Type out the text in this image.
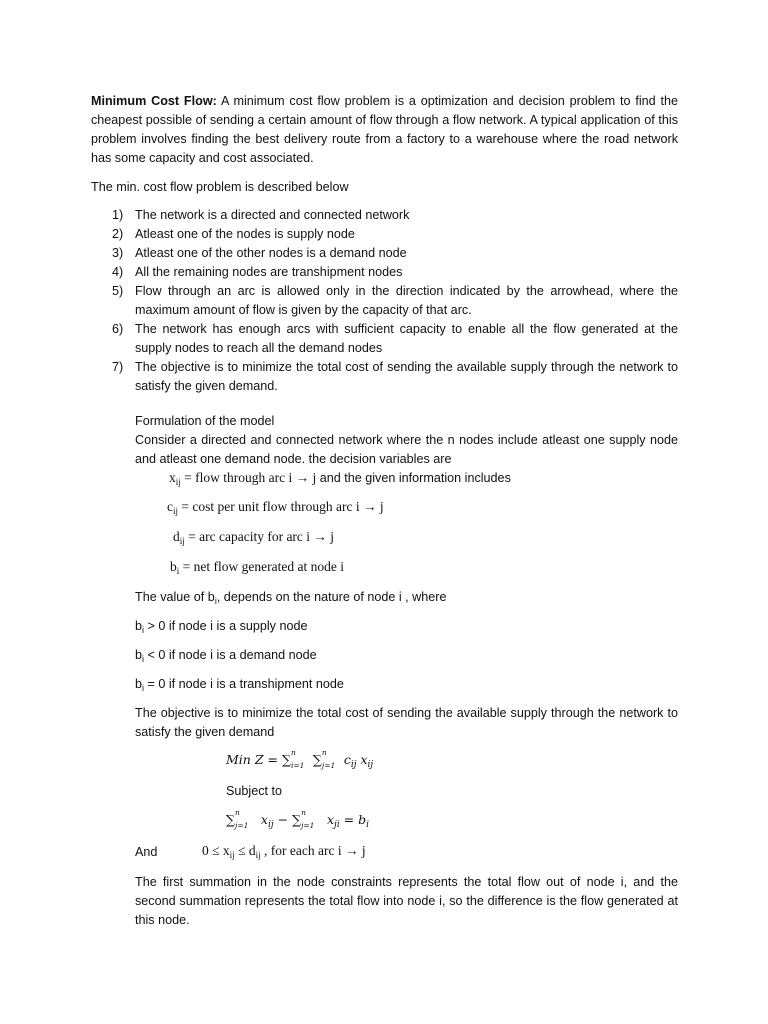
Minimum Cost Flow: A minimum cost flow problem is a optimization and decision problem to find the cheapest possible of sending a certain amount of flow through a flow network. A typical application of this problem involves finding the best delivery route from a factory to a warehouse where the road network has some capacity and cost associated.

The min. cost flow problem is described below
1) The network is a directed and connected network
2) Atleast one of the nodes is supply node
3) Atleast one of the other nodes is a demand node
4) All the remaining nodes are transhipment nodes
5) Flow through an arc is allowed only in the direction indicated by the arrowhead, where the maximum amount of flow is given by the capacity of that arc.
6) The network has enough arcs with sufficient capacity to enable all the flow generated at the supply nodes to reach all the demand nodes
7) The objective is to minimize the total cost of sending the available supply through the network to satisfy the given demand.
Formulation of the model
Consider a directed and connected network where the n nodes include atleast one supply node and atleast one demand node. the decision variables are
$x_{ij}$ = flow through arc i → j and the given information includes
$c_{ij} = \cos t$ per unit flow through arc i → j
$d_{ij}$ = arc capacity for arc i → j
$b_i$ = net flow generated at node i
The value of $b_i$, depends on the nature of node i , where
$b_i > 0$ if node i is a supply node
$b_i < 0$ if node i is a demand node
$b_i = 0$ if node i is a transhipment node
The objective is to minimize the total cost of sending the available supply through the network to satisfy the given demand
Min Z = ∑ n
i=1 ∑ n
j=1 $c_{ij}$ $x_{ij}$
Subject to
∑ n
j=1 $x_{ij}$ − ∑ n
j=1 $x_{ji} = b_i$
And	$0 \le x_{ij} \le d_{ij}$ , for each arc i → j
The first summation in the node constraints represents the total flow out of node i, and the second summation represents the total flow into node i, so the difference is the flow generated at this node.
